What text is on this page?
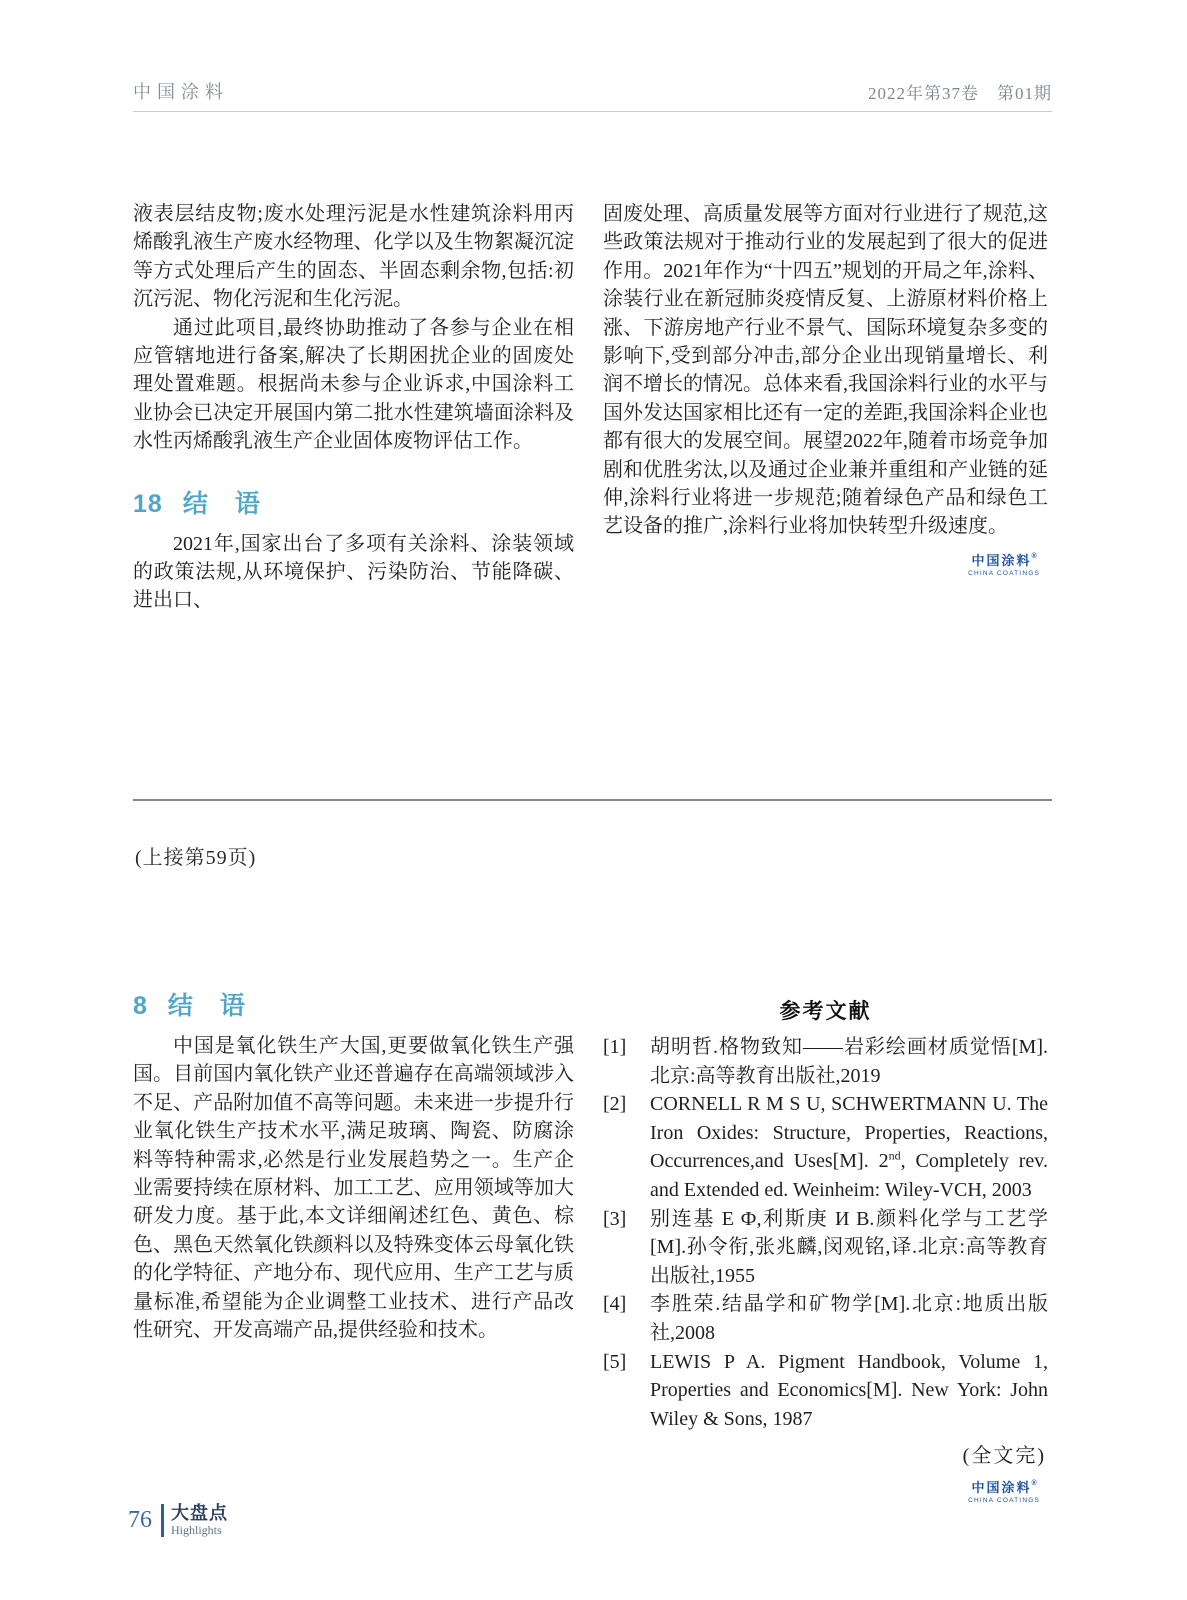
中国涂料	2022年第37卷　第01期

液表层结皮物;废水处理污泥是水性建筑涂料用丙烯酸乳液生产废水经物理、化学以及生物絮凝沉淀等方式处理后产生的固态、半固态剩余物,包括:初沉污泥、物化污泥和生化污泥。

通过此项目,最终协助推动了各参与企业在相应管辖地进行备案,解决了长期困扰企业的固废处理处置难题。根据尚未参与企业诉求,中国涂料工业协会已决定开展国内第二批水性建筑墙面涂料及水性丙烯酸乳液生产企业固体废物评估工作。

18 结　语

2021年,国家出台了多项有关涂料、涂装领域的政策法规,从环境保护、污染防治、节能降碳、进出口、

固废处理、高质量发展等方面对行业进行了规范,这些政策法规对于推动行业的发展起到了很大的促进作用。2021年作为“十四五”规划的开局之年,涂料、涂装行业在新冠肺炎疫情反复、上游原材料价格上涨、下游房地产行业不景气、国际环境复杂多变的影响下,受到部分冲击,部分企业出现销量增长、利润不增长的情况。总体来看,我国涂料行业的水平与国外发达国家相比还有一定的差距,我国涂料企业也都有很大的发展空间。展望2022年,随着市场竞争加剧和优胜劣汰,以及通过企业兼并重组和产业链的延伸,涂料行业将进一步规范;随着绿色产品和绿色工艺设备的推广,涂料行业将加快转型升级速度。

中国涂料®
CHINA COATINGS
(上接第59页)
8 结　语

中国是氧化铁生产大国,更要做氧化铁生产强国。目前国内氧化铁产业还普遍存在高端领域涉入不足、产品附加值不高等问题。未来进一步提升行业氧化铁生产技术水平,满足玻璃、陶瓷、防腐涂料等特种需求,必然是行业发展趋势之一。生产企业需要持续在原材料、加工工艺、应用领域等加大研发力度。基于此,本文详细阐述红色、黄色、棕色、黑色天然氧化铁颜料以及特殊变体云母氧化铁的化学特征、产地分布、现代应用、生产工艺与质量标准,希望能为企业调整工业技术、进行产品改性研究、开发高端产品,提供经验和技术。

参考文献
[1]	胡明哲.格物致知——岩彩绘画材质觉悟[M].北京:高等教育出版社,2019
[2]	CORNELL R M S U, SCHWERTMANN U. The Iron Oxides: Structure, Properties, Reactions, Occurrences,and Uses[M]. 2nd, Completely rev. and Extended ed. Weinheim: Wiley-VCH, 2003
[3]	别连基 Е Ф,利斯庚 И В.颜料化学与工艺学[M].孙令衔,张兆麟,闵观铭,译.北京:高等教育出版社,1955
[4]	李胜荣.结晶学和矿物学[M].北京:地质出版社,2008
[5]	LEWIS P A. Pigment Handbook, Volume 1, Properties and Economics[M]. New York: John Wiley & Sons, 1987
(全文完)
中国涂料®
CHINA COATINGS
76 大盘点
Highlights
